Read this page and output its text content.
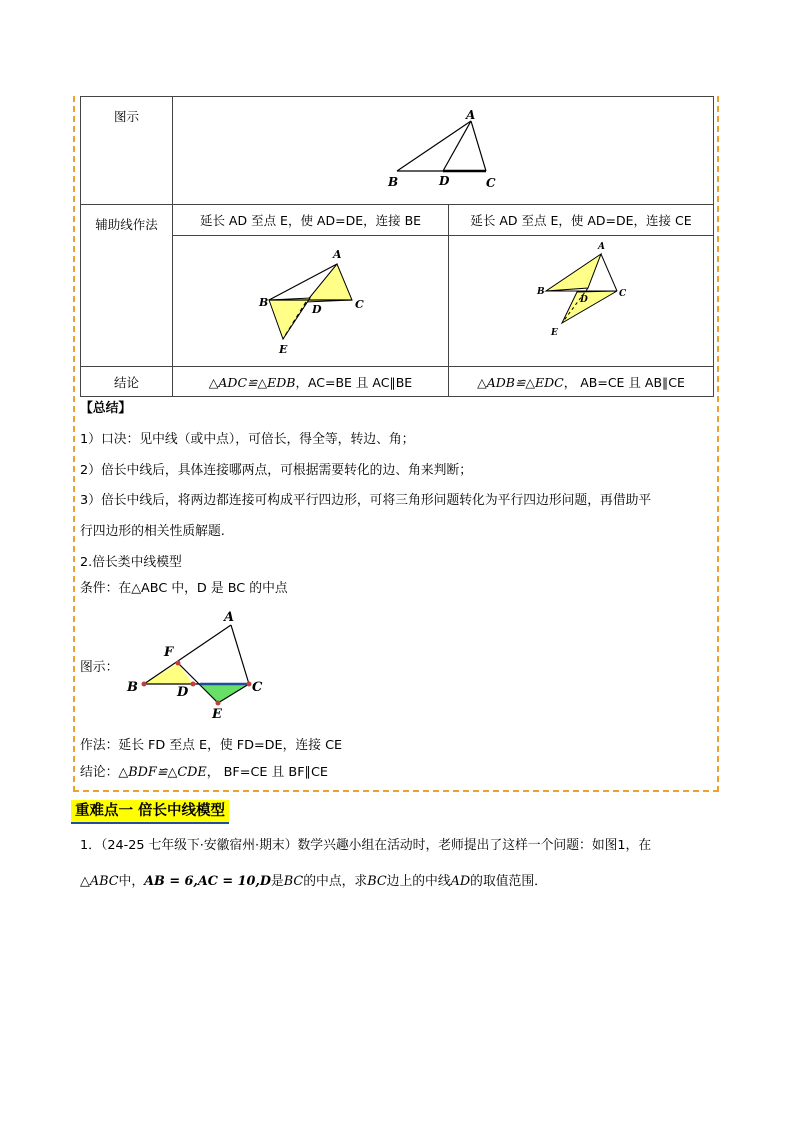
图示	A
B D C	

辅助线作法	延长 AD 至点 E，使 AD=DE，连接 BE	延长 AD 至点 E，使 AD=DE，连接 CE

A
B
D C
E	A
B
D
C
E

结论	△ADC≌△EDB，AC=BE 且 AC∥BE	△ADB≌△EDC， AB=CE 且 AB∥CE
【总结】
1）口决：见中线（或中点），可倍长，得全等，转边、角；
2）倍长中线后，具体连接哪两点，可根据需要转化的边、角来判断；
3）倍长中线后，将两边都连接可构成平行四边形，可将三角形问题转化为平行四边形问题，再借助平
行四边形的相关性质解题.
2.倍长类中线模型
条件：在△ABC 中，D 是 BC 的中点
图示：
A
F
B	D	C
E
作法：延长 FD 至点 E，使 FD=DE，连接 CE
结论：△BDF≌△CDE， BF=CE 且 BF∥CE
重难点一 倍长中线模型
1．（24-25 七年级下·安徽宿州·期末）数学兴趣小组在活动时，老师提出了这样一个问题：如图1，在
△ABC中，AB = 6,AC = 10,D是BC的中点，求BC边上的中线AD的取值范围．
